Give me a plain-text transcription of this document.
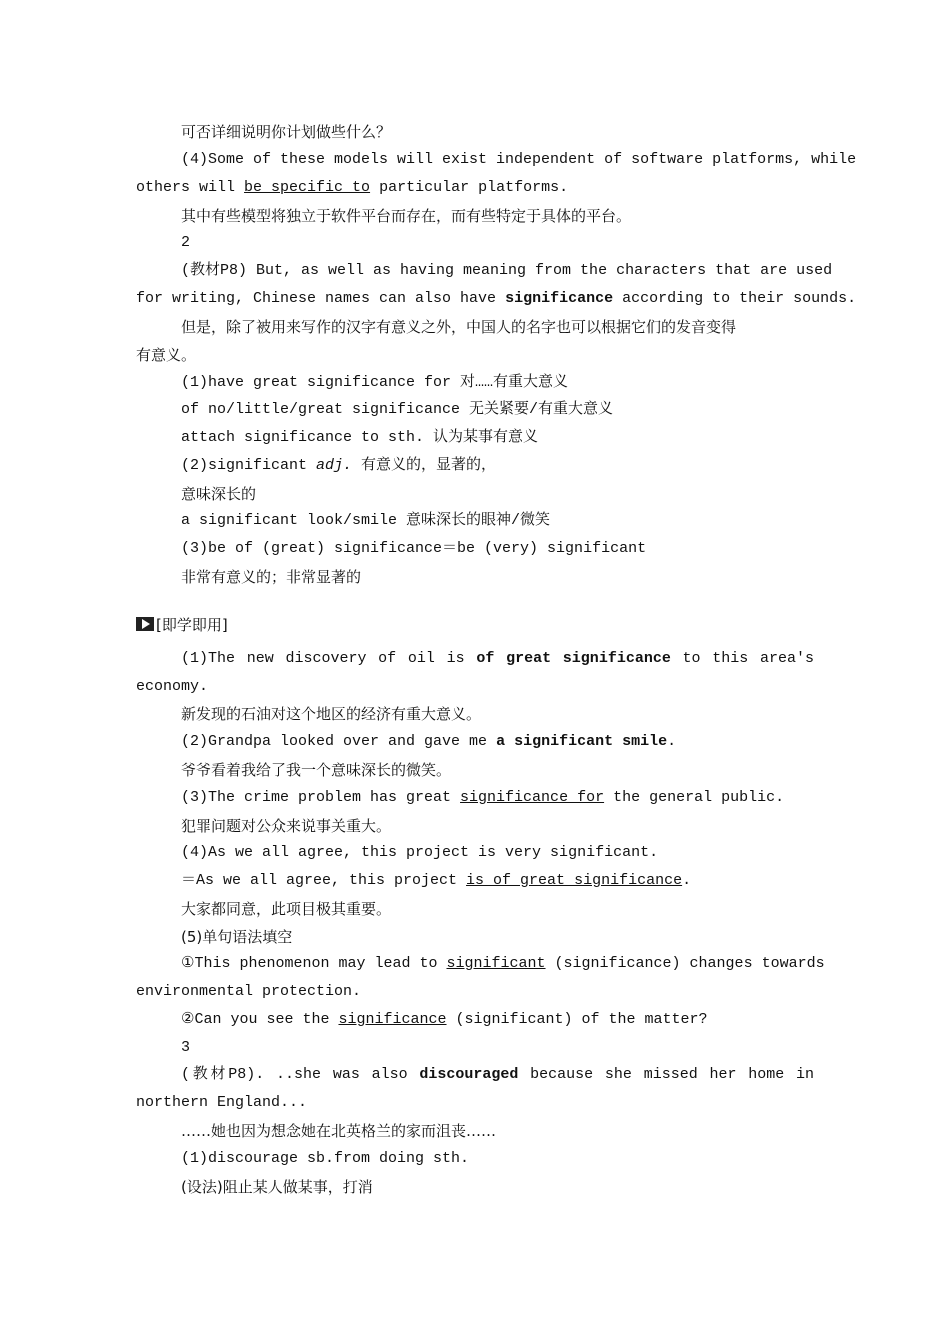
可否详细说明你计划做些什么？
(4)Some of these models will exist independent of software platforms, while
others will be specific to particular platforms.
其中有些模型将独立于软件平台而存在，而有些特定于具体的平台。
2
(教材P8) But, as well as having meaning from the characters that are used
for writing, Chinese names can also have significance according to their sounds.
但是，除了被用来写作的汉字有意义之外，中国人的名字也可以根据它们的发音变得
有意义。
(1)have great significance for 对……有重大意义
of no/little/great significance 无关紧要/有重大意义
attach significance to sth. 认为某事有意义
(2)significant adj. 有意义的，显著的，
意味深长的
a significant look/smile 意味深长的眼神/微笑
(3)be of (great) significance＝be (very) significant
非常有意义的；非常显著的
[即学即用]
(1)The new discovery of oil is of great significance to this area's
economy.
新发现的石油对这个地区的经济有重大意义。
(2)Grandpa looked over and gave me a significant smile.
爷爷看着我给了我一个意味深长的微笑。
(3)The crime problem has great significance for the general public.
犯罪问题对公众来说事关重大。
(4)As we all agree, this project is very significant.
＝As we all agree, this project is of great significance.
大家都同意，此项目极其重要。
(5)单句语法填空
①This phenomenon may lead to significant (significance) changes towards
environmental protection.
②Can you see the significance (significant) of the matter?
3
(教材P8). ..she was also discouraged because she missed her home in
northern England...
……她也因为想念她在北英格兰的家而沮丧……
(1)discourage sb.from doing sth.
(设法)阻止某人做某事，打消
